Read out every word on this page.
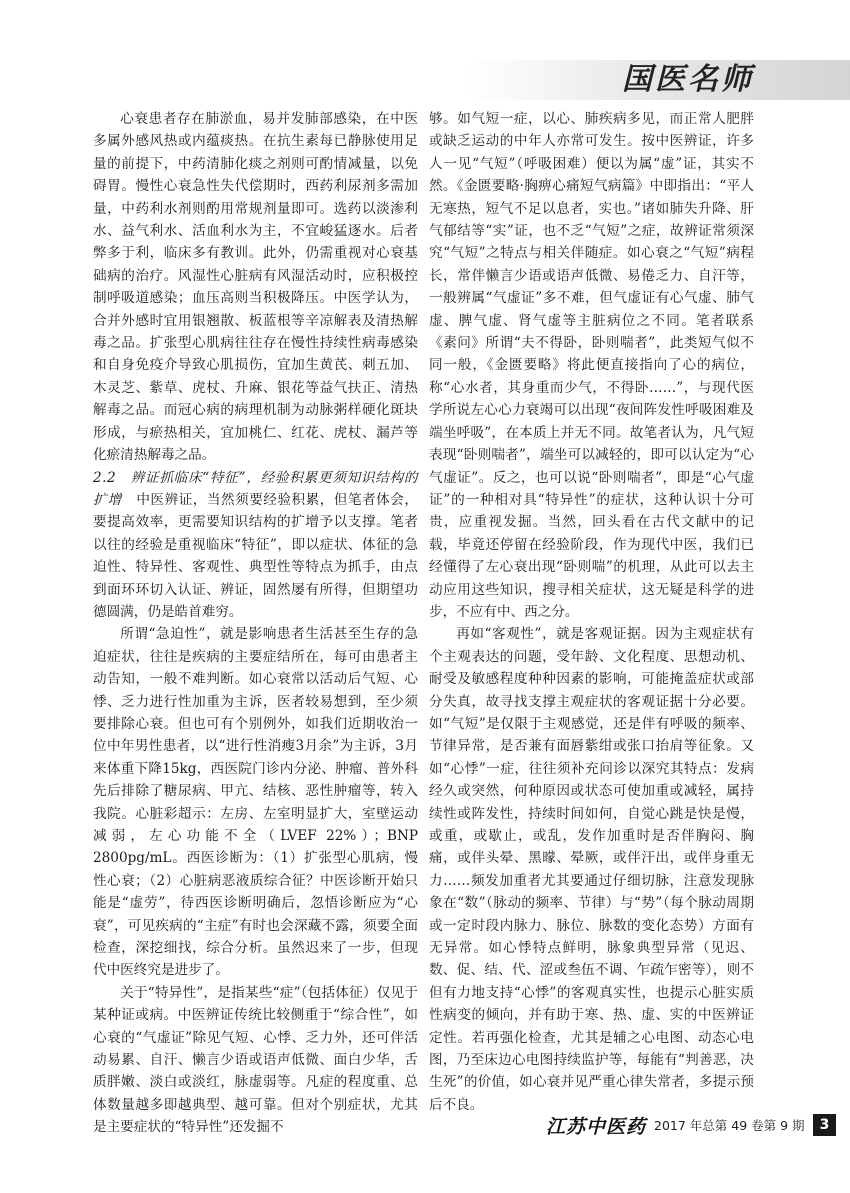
国医名师

心衰患者存在肺淤血，易并发肺部感染，在中医多属外感风热或内蕴痰热。在抗生素每已静脉使用足量的前提下，中药清肺化痰之剂则可酌情减量，以免碍胃。慢性心衰急性失代偿期时，西药利尿剂多需加量，中药利水剂则酌用常规剂量即可。选药以淡渗利水、益气利水、活血利水为主，不宜峻猛逐水。后者弊多于利，临床多有教训。此外，仍需重视对心衰基础病的治疗。风湿性心脏病有风湿活动时，应积极控制呼吸道感染；血压高则当积极降压。中医学认为，合并外感时宜用银翘散、板蓝根等辛凉解表及清热解毒之品。扩张型心肌病往往存在慢性持续性病毒感染和自身免疫介导致心肌损伤，宜加生黄芪、刺五加、木灵芝、紫草、虎杖、升麻、银花等益气扶正、清热解毒之品。而冠心病的病理机制为动脉粥样硬化斑块形成，与瘀热相关，宜加桃仁、红花、虎杖、漏芦等化瘀清热解毒之品。

2.2　辨证抓临床“特征”，经验积累更须知识结构的扩增　中医辨证，当然须要经验积累，但笔者体会，要提高效率，更需要知识结构的扩增予以支撑。笔者以往的经验是重视临床“特征”，即以症状、体征的急迫性、特异性、客观性、典型性等特点为抓手，由点到面环环切入认证、辨证，固然屡有所得，但期望功德圆满，仍是皓首难穷。

所谓“急迫性”，就是影响患者生活甚至生存的急迫症状，往往是疾病的主要症结所在，每可由患者主动告知，一般不难判断。如心衰常以活动后气短、心悸、乏力进行性加重为主诉，医者较易想到，至少须要排除心衰。但也可有个别例外，如我们近期收治一位中年男性患者，以“进行性消瘦3月余”为主诉，3月来体重下降15kg，西医院门诊内分泌、肿瘤、普外科先后排除了糖尿病、甲亢、结核、恶性肿瘤等，转入我院。心脏彩超示：左房、左室明显扩大，室壁运动减弱，左心功能不全（LVEF 22%）；BNP 2800pg/mL。西医诊断为：（1）扩张型心肌病，慢性心衰；（2）心脏病恶液质综合征？中医诊断开始只能是“虚劳”，待西医诊断明确后，忽悟诊断应为“心衰”，可见疾病的“主症”有时也会深藏不露，须要全面检查，深挖细找，综合分析。虽然迟来了一步，但现代中医终究是进步了。

关于“特异性”，是指某些“症”（包括体征）仅见于某种证或病。中医辨证传统比较侧重于“综合性”，如心衰的“气虚证”除见气短、心悸、乏力外，还可伴活动易累、自汗、懒言少语或语声低微、面白少华，舌质胖嫩、淡白或淡红，脉虚弱等。凡症的程度重、总体数量越多即越典型、越可靠。但对个别症状，尤其是主要症状的“特异性”还发掘不

够。如气短一症，以心、肺疾病多见，而正常人肥胖或缺乏运动的中年人亦常可发生。按中医辨证，许多人一见“气短”（呼吸困难）便以为属“虚”证，其实不然。《金匮要略·胸痹心痛短气病篇》中即指出：“平人无寒热，短气不足以息者，实也。”诸如肺失升降、肝气郁结等“实”证，也不乏“气短”之症，故辨证常须深究“气短”之特点与相关伴随症。如心衰之“气短”病程长，常伴懒言少语或语声低微、易倦乏力、自汗等，一般辨属“气虚证”多不难，但气虚证有心气虚、肺气虚、脾气虚、肾气虚等主脏病位之不同。笔者联系《素问》所谓“夫不得卧，卧则喘者”，此类短气似不同一般，《金匮要略》将此便直接指向了心的病位，称“心水者，其身重而少气，不得卧……”，与现代医学所说左心心力衰竭可以出现“夜间阵发性呼吸困难及端坐呼吸”，在本质上并无不同。故笔者认为，凡气短表现“卧则喘者”，端坐可以减轻的，即可以认定为“心气虚证”。反之，也可以说“卧则喘者”，即是“心气虚证”的一种相对具“特异性”的症状，这种认识十分可贵，应重视发掘。当然，回头看在古代文献中的记载，毕竟还停留在经验阶段，作为现代中医，我们已经懂得了左心衰出现“卧则喘”的机理，从此可以去主动应用这些知识，搜寻相关症状，这无疑是科学的进步，不应有中、西之分。

再如“客观性”，就是客观证据。因为主观症状有个主观表达的问题，受年龄、文化程度、思想动机、耐受及敏感程度种种因素的影响，可能掩盖症状或部分失真，故寻找支撑主观症状的客观证据十分必要。如“气短”是仅限于主观感觉，还是伴有呼吸的频率、节律异常，是否兼有面唇紫绀或张口抬肩等征象。又如“心悸”一症，往往须补充问诊以深究其特点：发病经久或突然，何种原因或状态可使加重或减轻，属持续性或阵发性，持续时间如何，自觉心跳是快是慢，或重，或歇止，或乱，发作加重时是否伴胸闷、胸痛，或伴头晕、黑曚、晕厥，或伴汗出，或伴身重无力……频发加重者尤其要通过仔细切脉，注意发现脉象在“数”（脉动的频率、节律）与“势”（每个脉动周期或一定时段内脉力、脉位、脉数的变化态势）方面有无异常。如心悸特点鲜明，脉象典型异常（见迟、数、促、结、代、涩或叁伍不调、乍疏乍密等），则不但有力地支持“心悸”的客观真实性，也提示心脏实质性病变的倾向，并有助于寒、热、虚、实的中医辨证定性。若再强化检查，尤其是辅之心电图、动态心电图，乃至床边心电图持续监护等，每能有“判善恶，决生死”的价值，如心衰并见严重心律失常者，多提示预后不良。

江苏中医药 2017 年总第 49 卷第 9 期	3
